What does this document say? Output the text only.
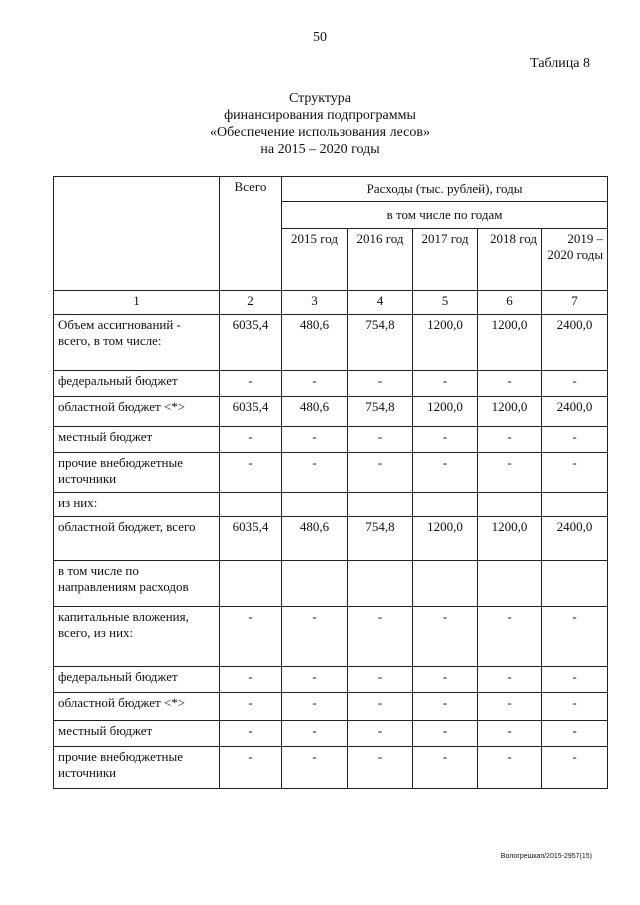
50
Таблица 8
Структура
финансирования подпрограммы
«Обеспечение использования лесов»
на 2015 – 2020 годы
	Всего	Расходы (тыс. рублей), годы				
		в том числе по годам				
		2015 год	2016 год	2017 год	2018 год	2019 – 2020 годы
1	2	3	4	5	6	7
Объем ассигнований - всего, в том числе:	6035,4	480,6	754,8	1200,0	1200,0	2400,0
федеральный бюджет	-	-	-	-	-	-
областной бюджет <*>	6035,4	480,6	754,8	1200,0	1200,0	2400,0
местный бюджет	-	-	-	-	-	-
прочие внебюджетные источники	-	-	-	-	-	-
из них:						
областной бюджет, всего	6035,4	480,6	754,8	1200,0	1200,0	2400,0
в том числе по направлениям расходов						
капитальные вложения, всего, из них:	-	-	-	-	-	-
федеральный бюджет	-	-	-	-	-	-
областной бюджет <*>	-	-	-	-	-	-
местный бюджет	-	-	-	-	-	-
прочие внебюджетные источники	-	-	-	-	-	-
Вологрешкап/2015-2957(15)
